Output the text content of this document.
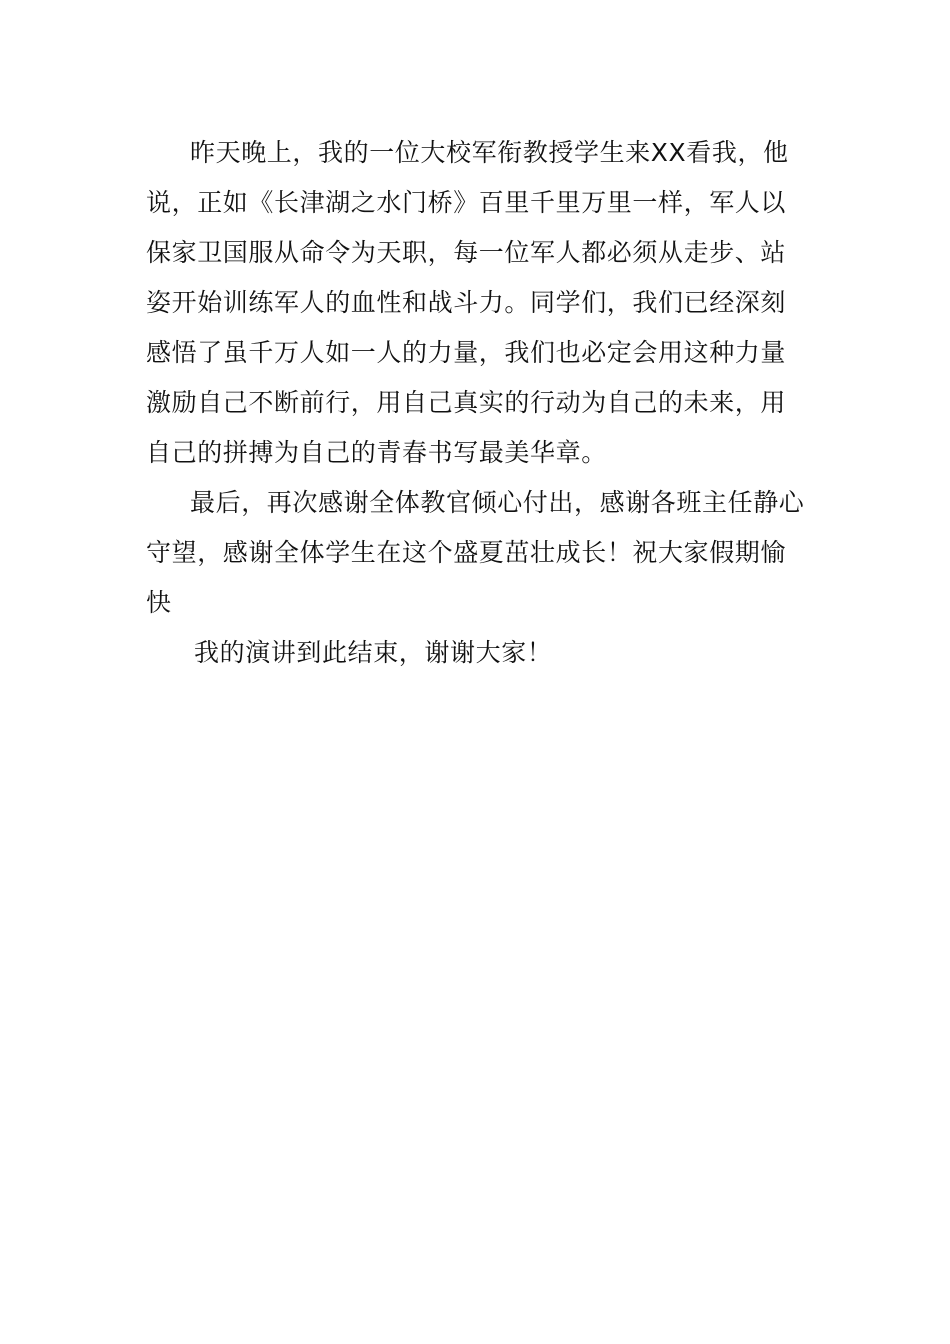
昨天晚上，我的一位大校军衔教授学生来XX看我，他
说，正如《长津湖之水门桥》百里千里万里一样，军人以
保家卫国服从命令为天职，每一位军人都必须从走步、站
姿开始训练军人的血性和战斗力。同学们，我们已经深刻
感悟了虽千万人如一人的力量，我们也必定会用这种力量
激励自己不断前行，用自己真实的行动为自己的未来，用
自己的拼搏为自己的青春书写最美华章。
最后，再次感谢全体教官倾心付出，感谢各班主任静心
守望，感谢全体学生在这个盛夏茁壮成长！祝大家假期愉
快
我的演讲到此结束，谢谢大家！
